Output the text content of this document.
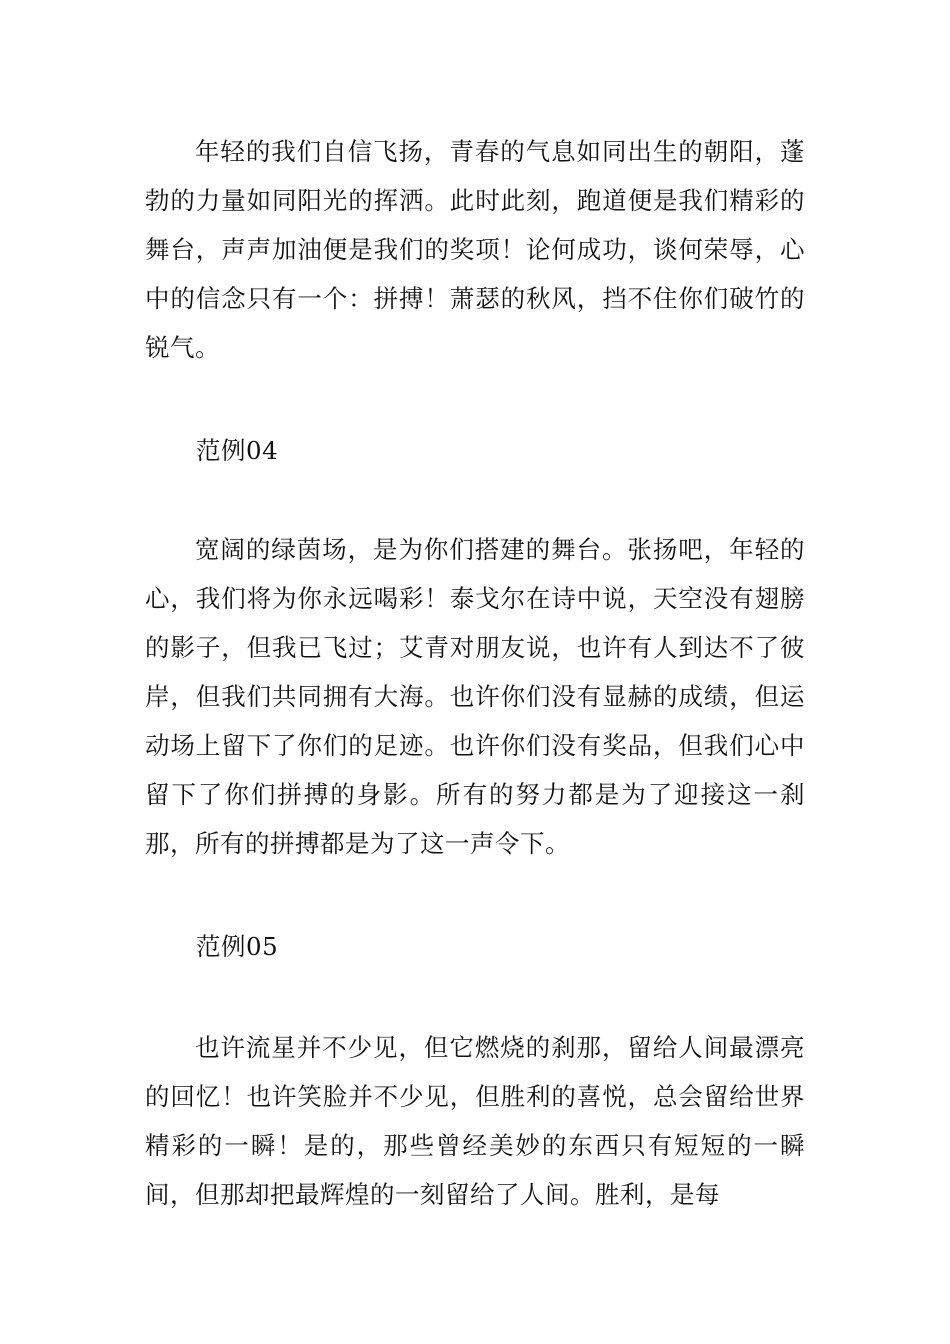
年轻的我们自信飞扬，青春的气息如同出生的朝阳，蓬勃的力量如同阳光的挥洒。此时此刻，跑道便是我们精彩的舞台，声声加油便是我们的奖项！论何成功，谈何荣辱，心中的信念只有一个：拼搏！萧瑟的秋风，挡不住你们破竹的锐气。

范例04

宽阔的绿茵场，是为你们搭建的舞台。张扬吧，年轻的心，我们将为你永远喝彩！泰戈尔在诗中说，天空没有翅膀的影子，但我已飞过；艾青对朋友说，也许有人到达不了彼岸，但我们共同拥有大海。也许你们没有显赫的成绩，但运动场上留下了你们的足迹。也许你们没有奖品，但我们心中留下了你们拼搏的身影。所有的努力都是为了迎接这一刹那，所有的拼搏都是为了这一声令下。

范例05

也许流星并不少见，但它燃烧的刹那，留给人间最漂亮的回忆！也许笑脸并不少见，但胜利的喜悦，总会留给世界精彩的一瞬！是的，那些曾经美妙的东西只有短短的一瞬间，但那却把最辉煌的一刻留给了人间。胜利，是每
